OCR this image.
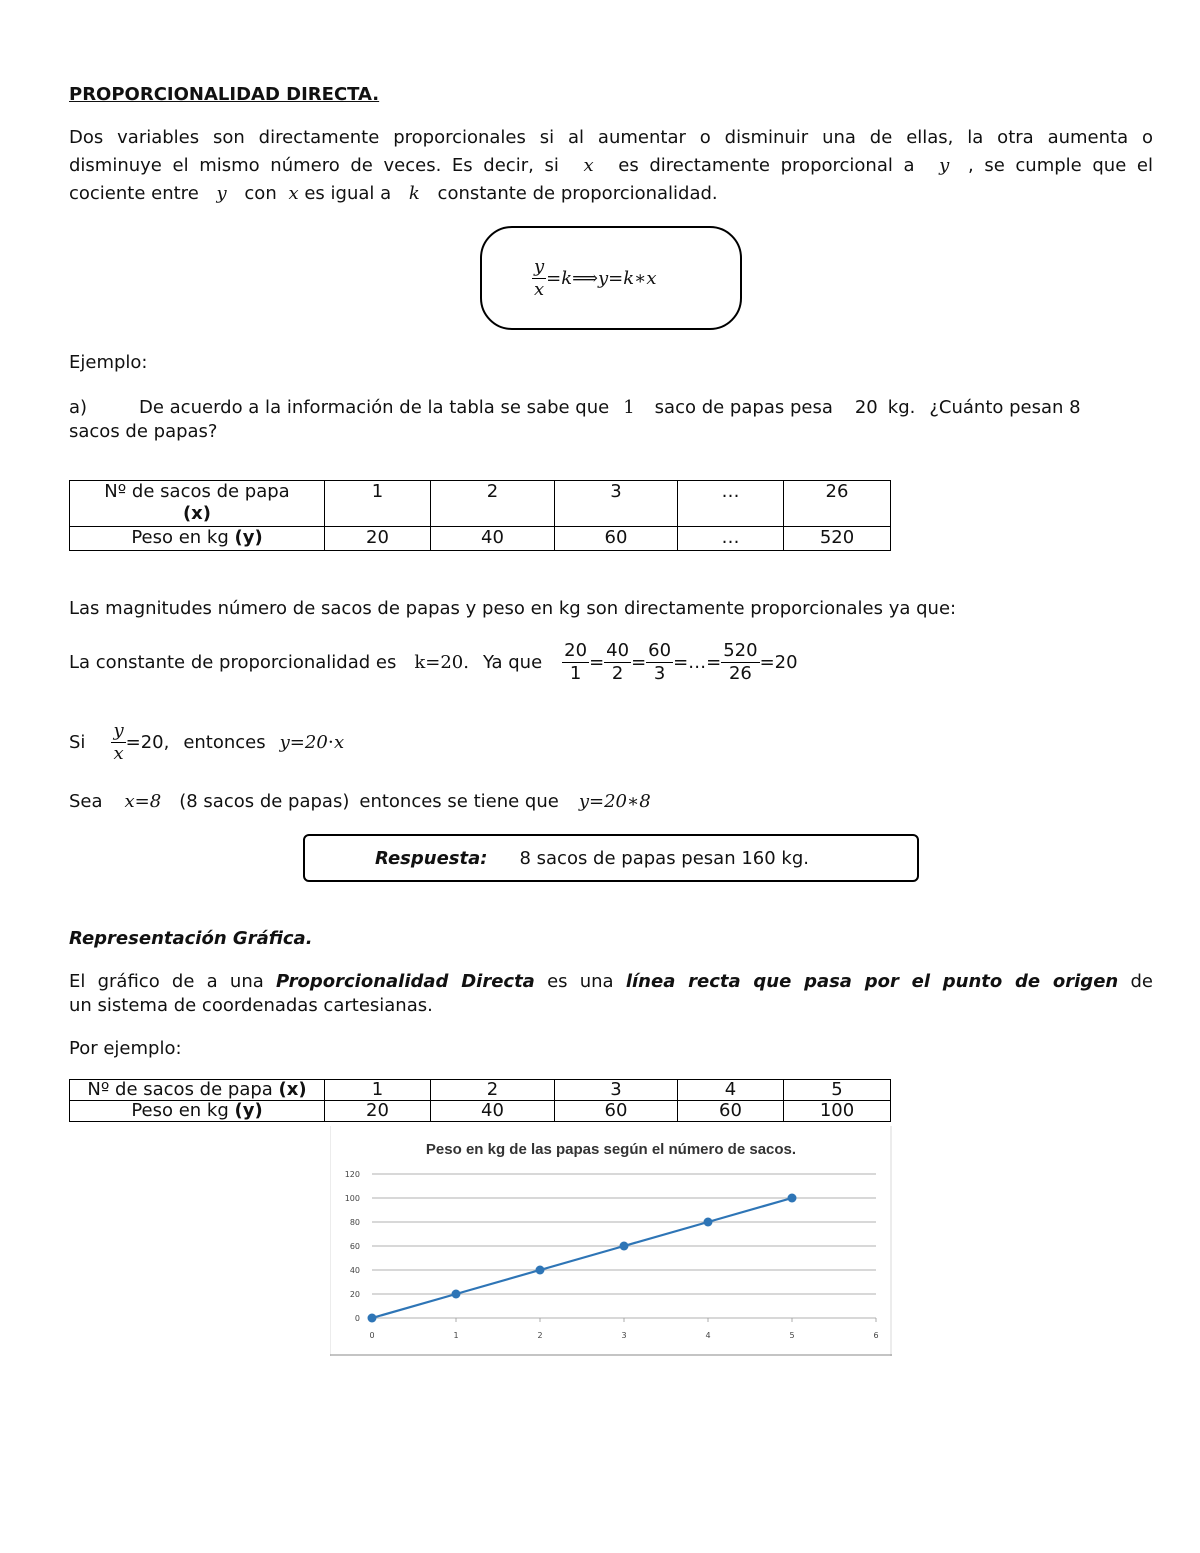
PROPORCIONALIDAD DIRECTA.
Dos variables son directamente proporcionales si al aumentar o disminuir una de ellas, la otra aumenta o
disminuye el mismo número de veces. Es decir, si x es directamente proporcional a y , se cumple que el
cociente entre y con x es igual a k constante de proporcionalidad.
$\frac{y}{x}$ =k⟹y=k∗x
Ejemplo:
a)	De acuerdo a la información de la tabla se sabe que 1 saco de papas pesa 20 kg. ¿Cuánto pesan 8
sacos de papas?
Nº de sacos de papa
(x)	1	2	3	…	26
Peso en kg (y)	20	40	60	…	520
Las magnitudes número de sacos de papas y peso en kg son directamente proporcionales ya que:
La constante de proporcionalidad es k=20. Ya que $\frac{20}{1} = \frac{40}{2} = \frac{60}{3}$ =…= $\frac{520}{26} =20$
Si $\frac{y}{x} =20$, entonces y=20⋅x
Sea x=8 (8 sacos de papas) entonces se tiene que y=20∗8
Respuesta: 8 sacos de papas pesan 160 kg.
Representación Gráfica.
El gráfico de a una Proporcionalidad Directa es una línea recta que pasa por el punto de origen de
un sistema de coordenadas cartesianas.
Por ejemplo:
Nº de sacos de papa (x)	1	2	3	4	5
Peso en kg (y)	20	40	60	60	100
Peso en kg de las papas según el número de sacos.
0
20
40
60
80
100
120
0	1	2	3	4	5	6
